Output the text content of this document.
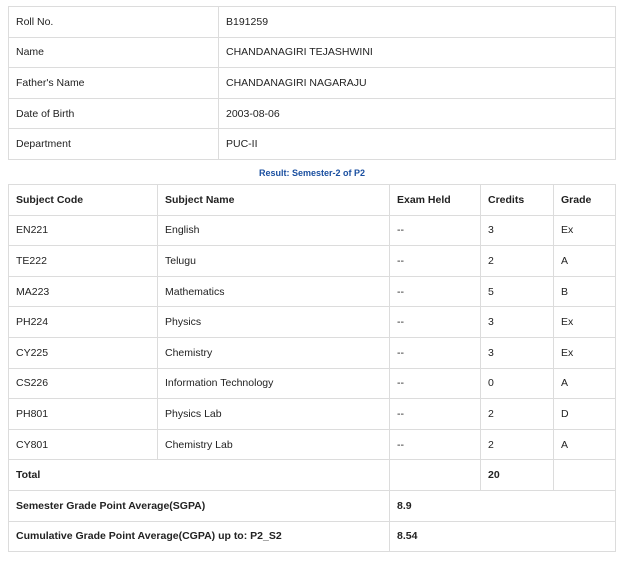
Roll No.	B191259
Name	CHANDANAGIRI TEJASHWINI
Father's Name	CHANDANAGIRI NAGARAJU
Date of Birth	2003-08-06
Department	PUC-II
Result: Semester-2 of P2
Subject Code	Subject Name	Exam Held	Credits	Grade
EN221	English	--	3	Ex
TE222	Telugu	--	2	A
MA223	Mathematics	--	5	B
PH224	Physics	--	3	Ex
CY225	Chemistry	--	3	Ex
CS226	Information Technology	--	0	A
PH801	Physics Lab	--	2	D
CY801	Chemistry Lab	--	2	A
Total			20	
Semester Grade Point Average(SGPA)		8.9		
Cumulative Grade Point Average(CGPA) up to: P2_S2		8.54		
